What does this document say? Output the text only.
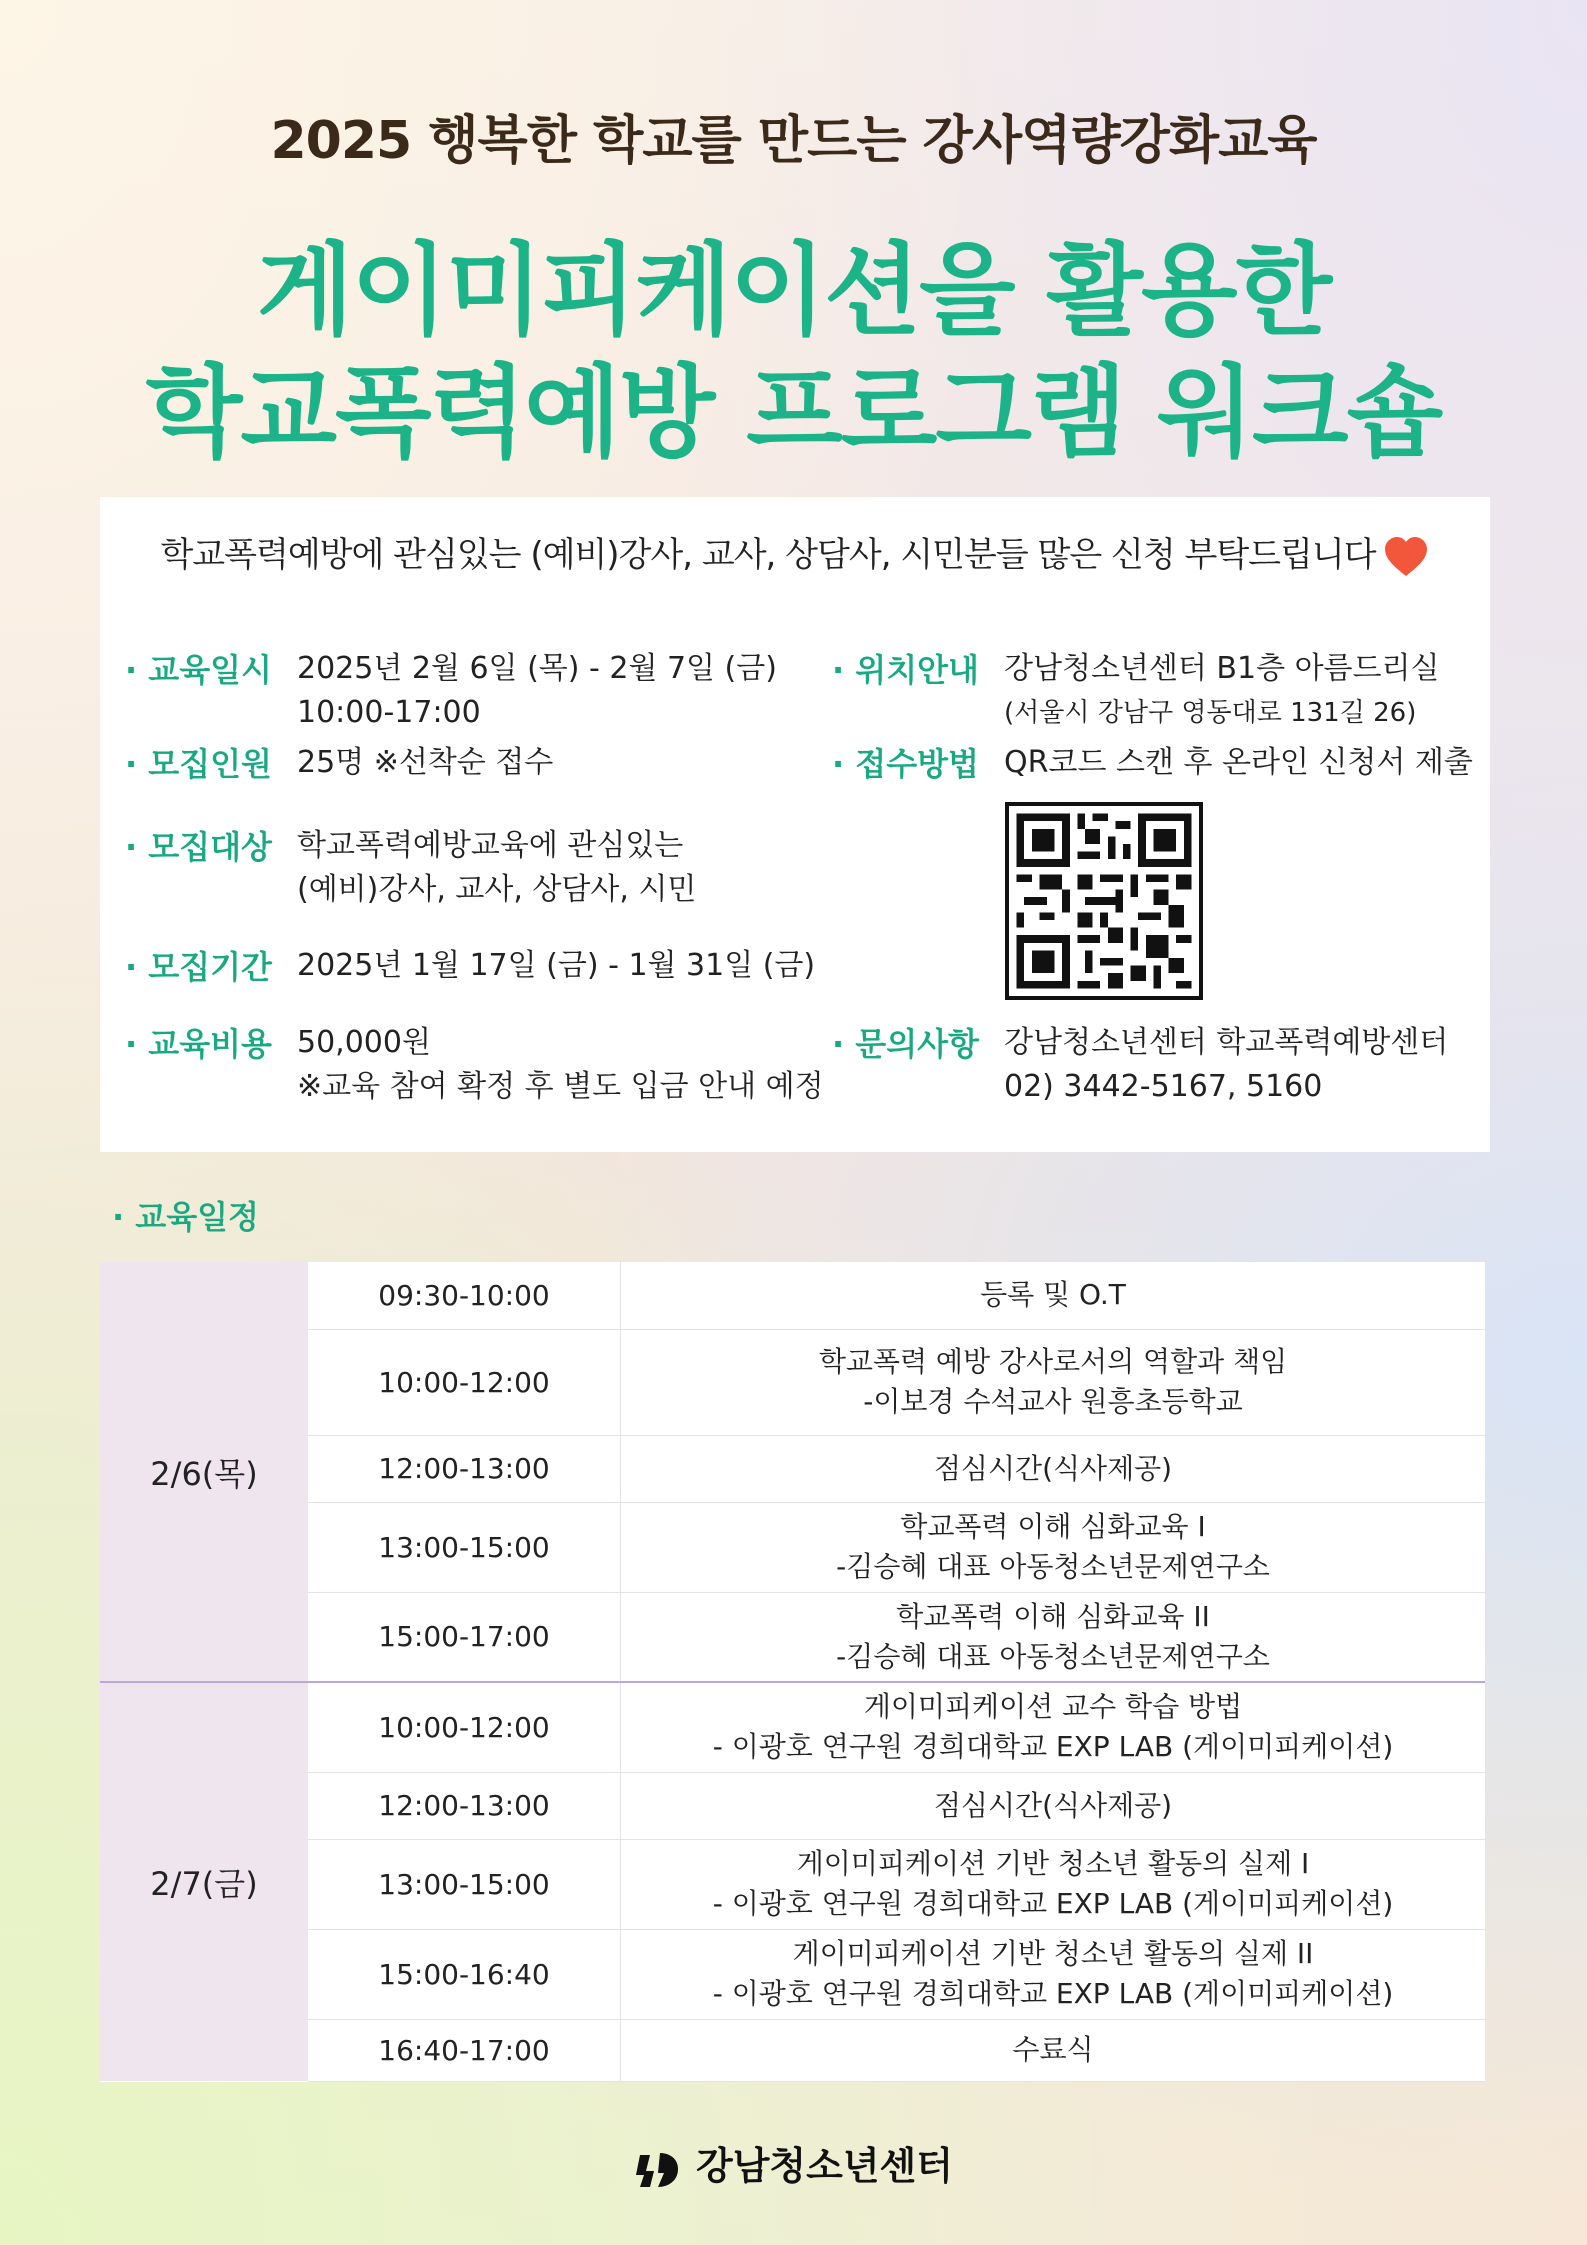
2025 행복한 학교를 만드는 강사역량강화교육
게이미피케이션을 활용한
학교폭력예방 프로그램 워크숍
학교폭력예방에 관심있는 (예비)강사, 교사, 상담사, 시민분들 많은 신청 부탁드립니다
· 교육일시 2025년 2월 6일 (목) - 2월 7일 (금)
10:00-17:00
· 모집인원 25명 ※선착순 접수
· 모집대상 학교폭력예방교육에 관심있는
(예비)강사, 교사, 상담사, 시민
· 모집기간 2025년 1월 17일 (금) - 1월 31일 (금)
· 교육비용 50,000원
※교육 참여 확정 후 별도 입금 안내 예정
· 위치안내 강남청소년센터 B1층 아름드리실
(서울시 강남구 영동대로 131길 26)
· 접수방법 QR코드 스캔 후 온라인 신청서 제출
· 문의사항 강남청소년센터 학교폭력예방센터
02) 3442-5167, 5160
· 교육일정
2/6(목)	09:30-10:00	등록 및 O.T

	10:00-12:00	학교폭력 예방 강사로서의 역할과 책임
-이보경 수석교사 원흥초등학교

	12:00-13:00	점심시간(식사제공)

	13:00-15:00	학교폭력 이해 심화교육 I
-김승혜 대표 아동청소년문제연구소

	15:00-17:00	학교폭력 이해 심화교육 II
-김승혜 대표 아동청소년문제연구소

2/7(금)	10:00-12:00	게이미피케이션 교수 학습 방법
- 이광호 연구원 경희대학교 EXP LAB (게이미피케이션)

	12:00-13:00	점심시간(식사제공)

	13:00-15:00	게이미피케이션 기반 청소년 활동의 실제 I
- 이광호 연구원 경희대학교 EXP LAB (게이미피케이션)

	15:00-16:40	게이미피케이션 기반 청소년 활동의 실제 II
- 이광호 연구원 경희대학교 EXP LAB (게이미피케이션)

	16:40-17:00	수료식
강남청소년센터
